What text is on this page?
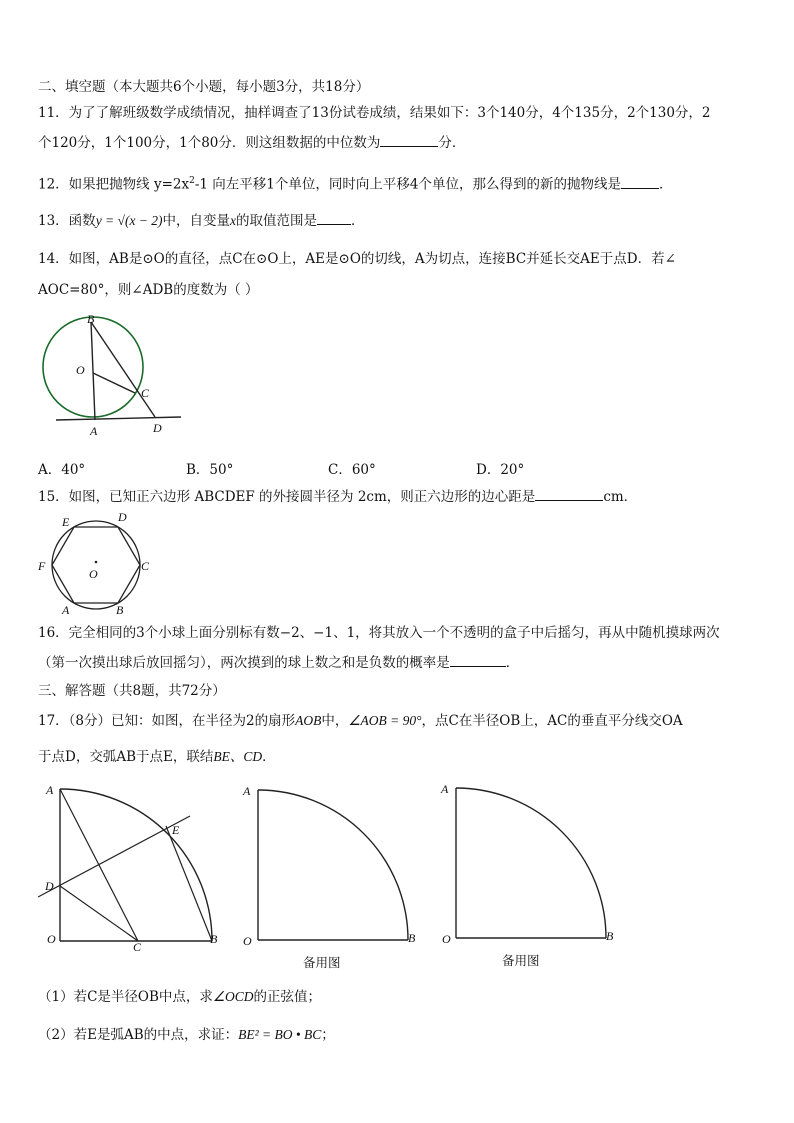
二、填空题（本大题共6个小题，每小题3分，共18分）
11．为了了解班级数学成绩情况，抽样调查了13份试卷成绩，结果如下：3个140分，4个135分，2个130分，2
个120分，1个100分，1个80分．则这组数据的中位数为	分．
12．如果把抛物线 $y=2x^2-1$ 向左平移1个单位，同时向上平移4个单位，那么得到的新的抛物线是	．
13．函数y = √(x − 2)中，自变量x的取值范围是	．
14．如图，AB是⊙O的直径，点C在⊙O上，AE是⊙O的切线，A为切点，连接BC并延长交AE于点D．若∠
AOC=80°，则∠ADB的度数为（ ）
B
O
C
A	D
A．40°	B．50°	C．60°	D．20°
15．如图，已知正六边形 ABCDEF 的外接圆半径为 2cm，则正六边形的边心距是	cm．
E	D
F	C
O
A	B
16．完全相同的3个小球上面分别标有数−2、−1、1，将其放入一个不透明的盒子中后摇匀，再从中随机摸球两次
（第一次摸出球后放回摇匀），两次摸到的球上数之和是负数的概率是	．
三、解答题（共8题，共72分）
17．（8分）已知：如图，在半径为2的扇形AOB中，∠AOB = 90°，点C在半径OB上，AC的垂直平分线交OA
于点D，交弧AB于点E，联结BE、CD．
A
E
D
O
C
B
A
O	B
备用图
A
O	B
备用图
（1）若C是半径OB中点，求∠OCD的正弦值；
（2）若E是弧AB的中点，求证：BE² = BO • BC；
